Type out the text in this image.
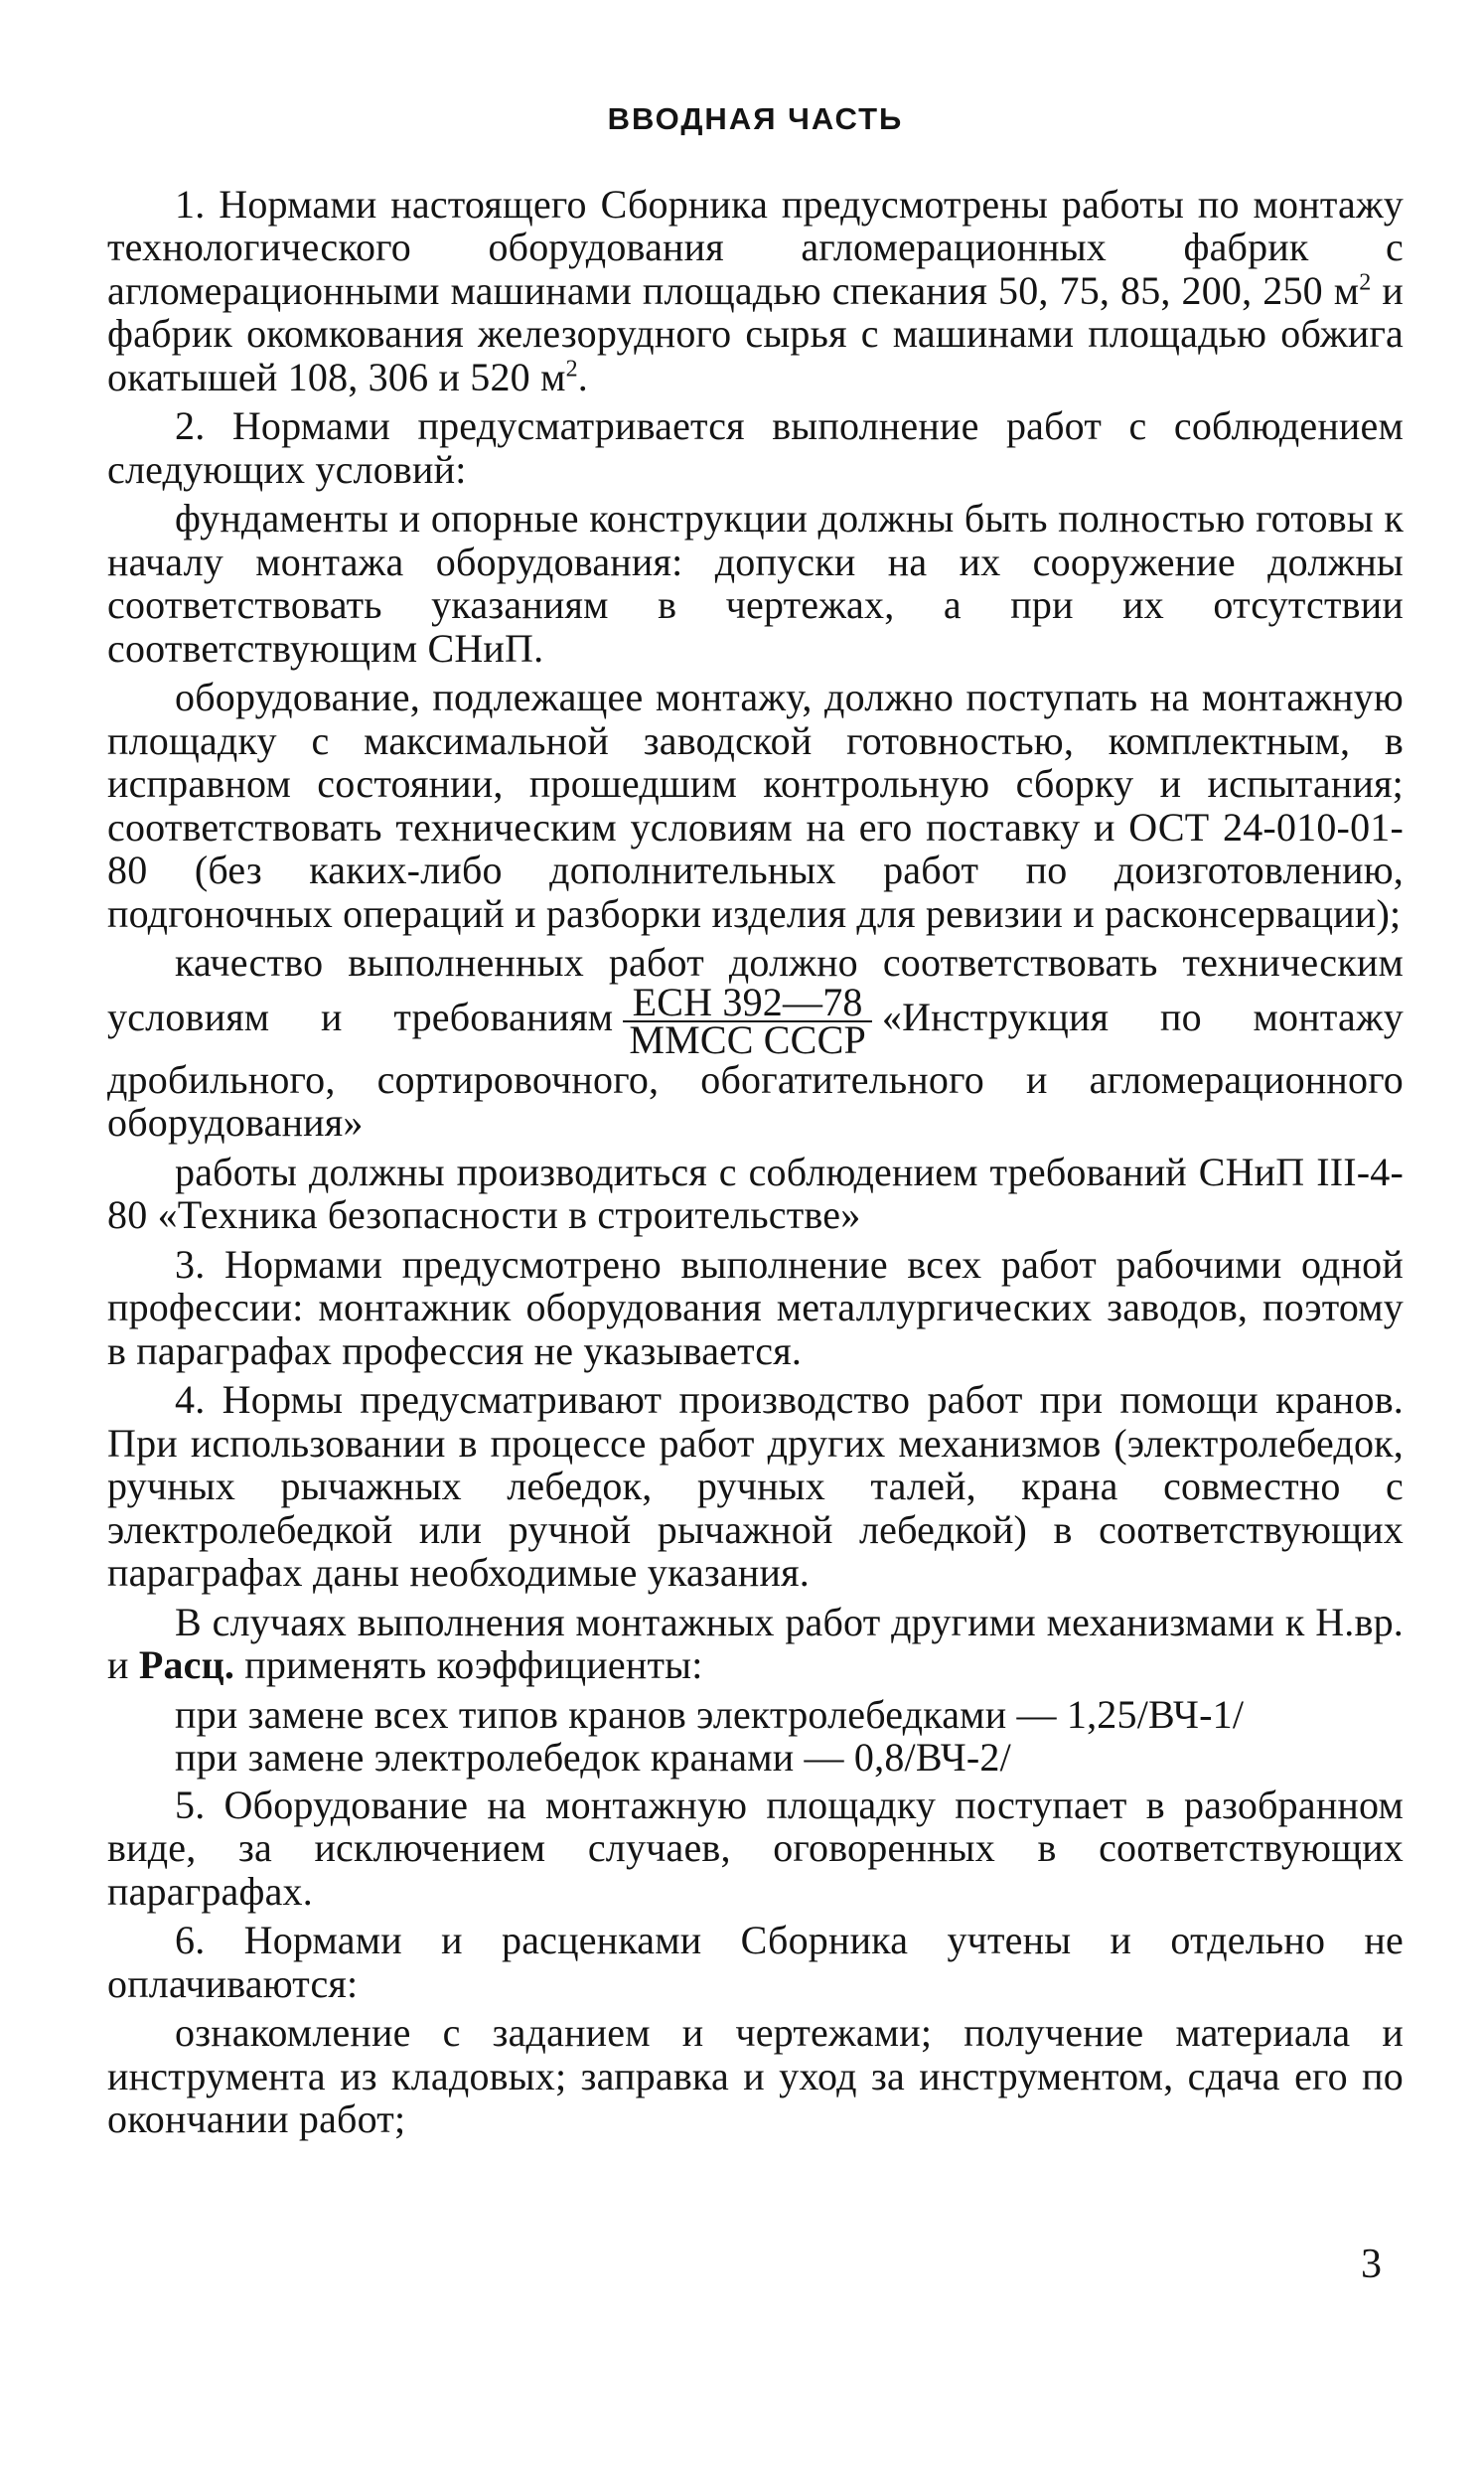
ВВОДНАЯ ЧАСТЬ

1. Нормами настоящего Сборника предусмотрены работы по монтажу технологического оборудования агломерационных фабрик с агломерационными машинами площадью спекания 50, 75, 85, 200, 250 $м^2$ и фабрик окомкования железорудного сырья с машинами площадью обжига окатышей 108, 306 и 520 $м^2$.

2. Нормами предусматривается выполнение работ с соблюдением следующих условий:

фундаменты и опорные конструкции должны быть полностью готовы к началу монтажа оборудования: допуски на их сооружение должны соответствовать указаниям в чертежах, а при их отсутствии соответствующим СНиП.

оборудование, подлежащее монтажу, должно поступать на монтажную площадку с максимальной заводской готовностью, комплектным, в исправном состоянии, прошедшим контрольную сборку и испытания; соответствовать техническим условиям на его поставку и ОСТ 24-010-01-80 (без каких-либо дополнительных работ по доизготовлению, подгоночных операций и разборки изделия для ревизии и расконсервации);

качество выполненных работ должно соответствовать техническим условиям и требованиям $\frac{\text{ЕСН 392—78}}{\text{ММСС СССР}}$ «Инструкция по монтажу дробильного, сортировочного, обогатительного и агломерационного оборудования»

работы должны производиться с соблюдением требований СНиП III-4-80 «Техника безопасности в строительстве»

3. Нормами предусмотрено выполнение всех работ рабочими одной профессии: монтажник оборудования металлургических заводов, поэтому в параграфах профессия не указывается.

4. Нормы предусматривают производство работ при помощи кранов. При использовании в процессе работ других механизмов (электролебедок, ручных рычажных лебедок, ручных талей, крана совместно с электролебедкой или ручной рычажной лебедкой) в соответствующих параграфах даны необходимые указания.

В случаях выполнения монтажных работ другими механизмами к Н.вр. и Расц. применять коэффициенты:

при замене всех типов кранов электролебедками — 1,25/ВЧ-1/
при замене электролебедок кранами — 0,8/ВЧ-2/

5. Оборудование на монтажную площадку поступает в разобранном виде, за исключением случаев, оговоренных в соответствующих параграфах.

6. Нормами и расценками Сборника учтены и отдельно не оплачиваются:

ознакомление с заданием и чертежами; получение материала и инструмента из кладовых; заправка и уход за инструментом, сдача его по окончании работ;

3
